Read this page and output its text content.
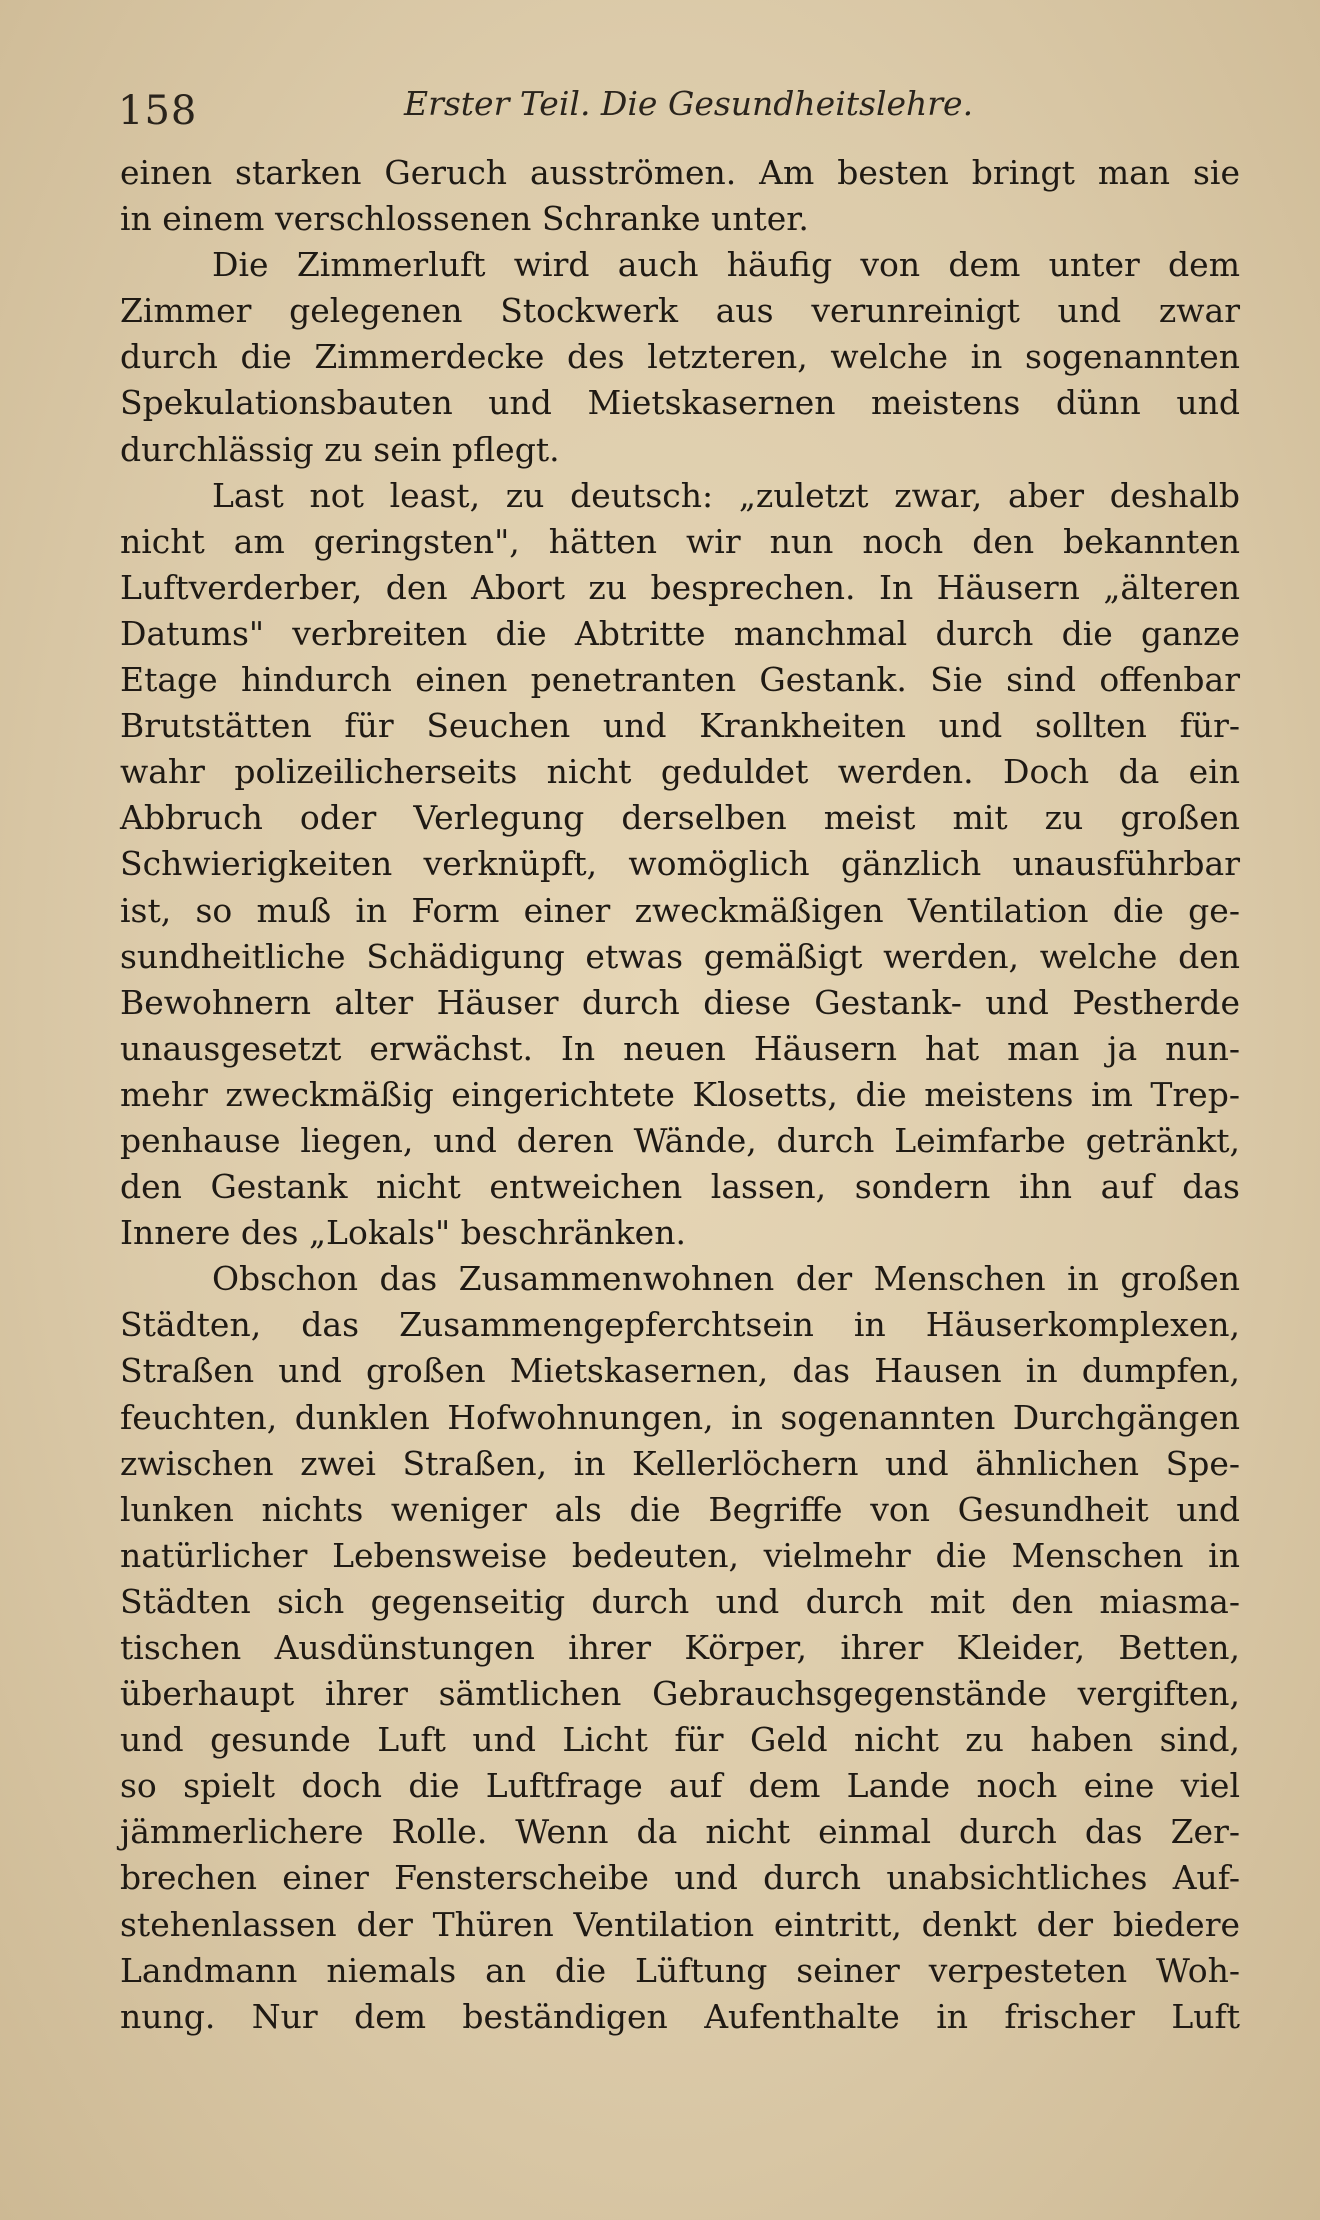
158	Erster Teil. Die Gesundheitslehre.
einen starken Geruch ausströmen. Am besten bringt man sie
in einem verschlossenen Schranke unter.
Die Zimmerluft wird auch häufig von dem unter dem
Zimmer gelegenen Stockwerk aus verunreinigt und zwar
durch die Zimmerdecke des letzteren, welche in sogenannten
Spekulationsbauten und Mietskasernen meistens dünn und
durchlässig zu sein pflegt.
Last not least, zu deutsch: „zuletzt zwar, aber deshalb
nicht am geringsten", hätten wir nun noch den bekannten
Luftverderber, den Abort zu besprechen. In Häusern „älteren
Datums" verbreiten die Abtritte manchmal durch die ganze
Etage hindurch einen penetranten Gestank. Sie sind offenbar
Brutstätten für Seuchen und Krankheiten und sollten für-
wahr polizeilicherseits nicht geduldet werden. Doch da ein
Abbruch oder Verlegung derselben meist mit zu großen
Schwierigkeiten verknüpft, womöglich gänzlich unausführbar
ist, so muß in Form einer zweckmäßigen Ventilation die ge-
sundheitliche Schädigung etwas gemäßigt werden, welche den
Bewohnern alter Häuser durch diese Gestank- und Pestherde
unausgesetzt erwächst. In neuen Häusern hat man ja nun-
mehr zweckmäßig eingerichtete Klosetts, die meistens im Trep-
penhause liegen, und deren Wände, durch Leimfarbe getränkt,
den Gestank nicht entweichen lassen, sondern ihn auf das
Innere des „Lokals" beschränken.
Obschon das Zusammenwohnen der Menschen in großen
Städten, das Zusammengepferchtsein in Häuserkomplexen,
Straßen und großen Mietskasernen, das Hausen in dumpfen,
feuchten, dunklen Hofwohnungen, in sogenannten Durchgängen
zwischen zwei Straßen, in Kellerlöchern und ähnlichen Spe-
lunken nichts weniger als die Begriffe von Gesundheit und
natürlicher Lebensweise bedeuten, vielmehr die Menschen in
Städten sich gegenseitig durch und durch mit den miasma-
tischen Ausdünstungen ihrer Körper, ihrer Kleider, Betten,
überhaupt ihrer sämtlichen Gebrauchsgegenstände vergiften,
und gesunde Luft und Licht für Geld nicht zu haben sind,
so spielt doch die Luftfrage auf dem Lande noch eine viel
jämmerlichere Rolle. Wenn da nicht einmal durch das Zer-
brechen einer Fensterscheibe und durch unabsichtliches Auf-
stehenlassen der Thüren Ventilation eintritt, denkt der biedere
Landmann niemals an die Lüftung seiner verpesteten Woh-
nung. Nur dem beständigen Aufenthalte in frischer Luft
